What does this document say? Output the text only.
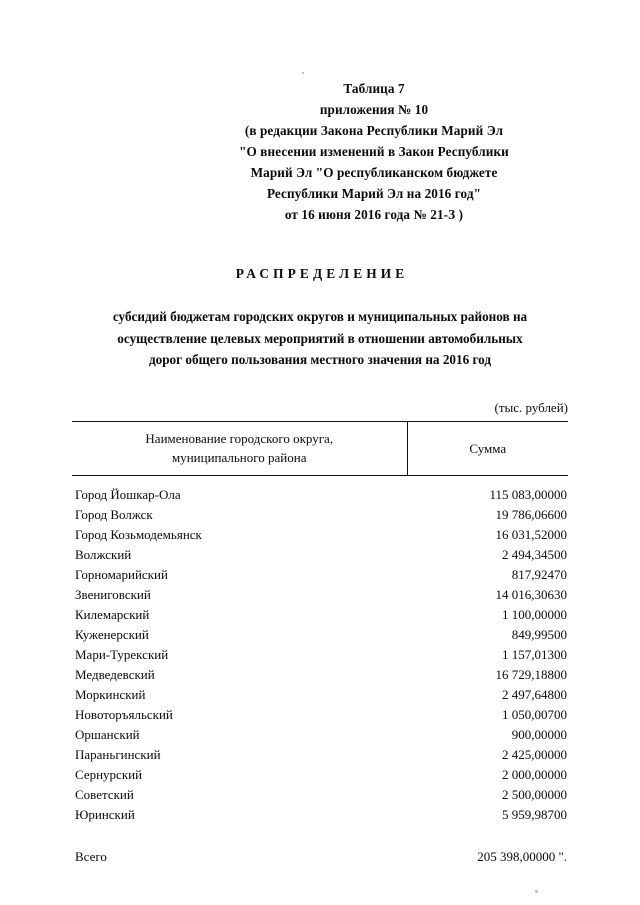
Таблица 7
приложения № 10
(в редакции Закона Республики Марий Эл
"О внесении изменений в Закон Республики
Марий Эл "О республиканском бюджете
Республики Марий Эл на 2016 год"
от 16 июня 2016 года № 21-З )
РАСПРЕДЕЛЕНИЕ
субсидий бюджетам городских округов и муниципальных районов на
осуществление целевых мероприятий в отношении автомобильных
дорог общего пользования местного значения на 2016 год
(тыс. рублей)
Наименование городского округа,
муниципального района	Сумма
Город Йошкар-Ола	115 083,00000
Город Волжск	19 786,06600
Город Козьмодемьянск	16 031,52000
Волжский	2 494,34500
Горномарийский	817,92470
Звениговский	14 016,30630
Килемарский	1 100,00000
Куженерский	849,99500
Мари-Турекский	1 157,01300
Медведевский	16 729,18800
Моркинский	2 497,64800
Новоторъяльский	1 050,00700
Оршанский	900,00000
Параньгинский	2 425,00000
Сернурский	2 000,00000
Советский	2 500,00000
Юринский	5 959,98700
Всего	205 398,00000 ".
